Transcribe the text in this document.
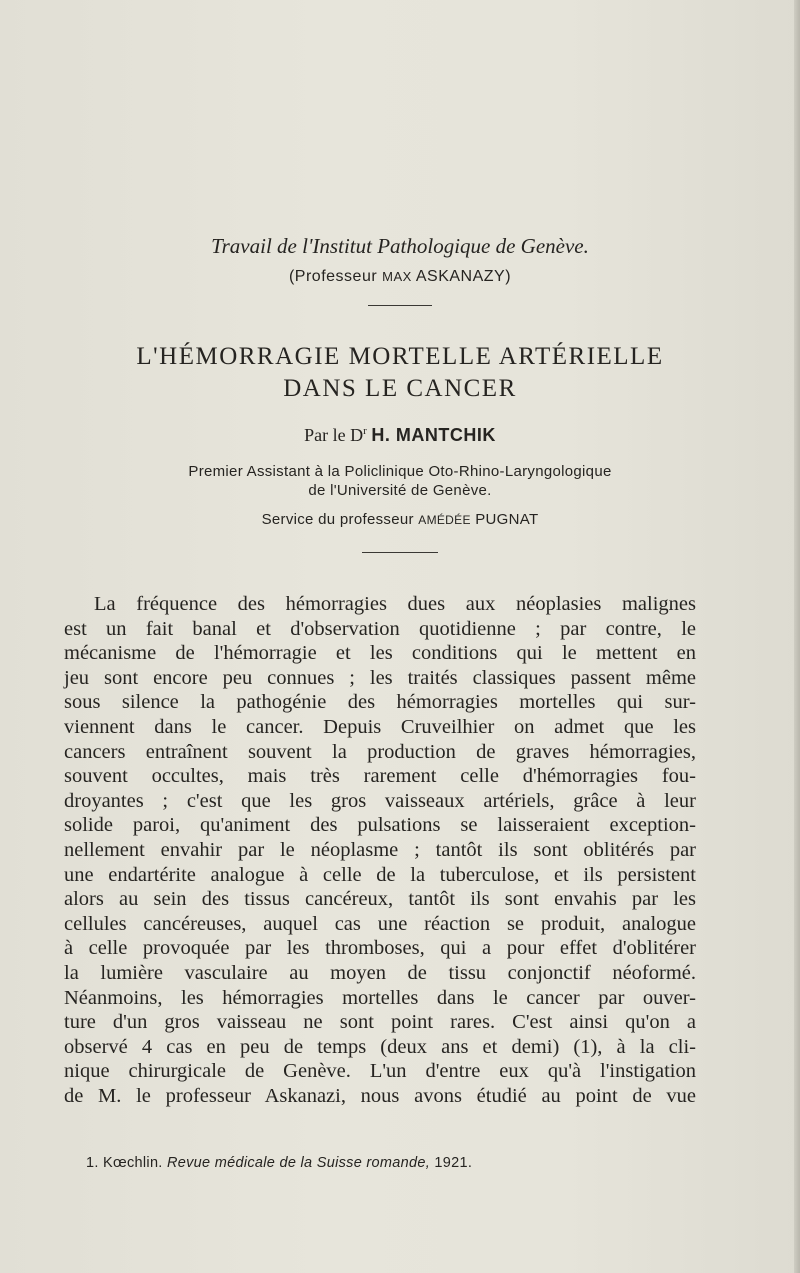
Travail de l'Institut Pathologique de Genève.
(Professeur MAX ASKANAZY)
L'HÉMORRAGIE MORTELLE ARTÉRIELLE
DANS LE CANCER
Par le $D^r$ H. MANTCHIK
Premier Assistant à la Policlinique Oto-Rhino-Laryngologique
de l'Université de Genève.
Service du professeur AMÉDÉE PUGNAT
La fréquence des hémorragies dues aux néoplasies malignes
est un fait banal et d'observation quotidienne ; par contre, le
mécanisme de l'hémorragie et les conditions qui le mettent en
jeu sont encore peu connues ; les traités classiques passent même
sous silence la pathogénie des hémorragies mortelles qui sur-
viennent dans le cancer. Depuis Cruveilhier on admet que les
cancers entraînent souvent la production de graves hémorragies,
souvent occultes, mais très rarement celle d'hémorragies fou-
droyantes ; c'est que les gros vaisseaux artériels, grâce à leur
solide paroi, qu'animent des pulsations se laisseraient exception-
nellement envahir par le néoplasme ; tantôt ils sont oblitérés par
une endartérite analogue à celle de la tuberculose, et ils persistent
alors au sein des tissus cancéreux, tantôt ils sont envahis par les
cellules cancéreuses, auquel cas une réaction se produit, analogue
à celle provoquée par les thromboses, qui a pour effet d'oblitérer
la lumière vasculaire au moyen de tissu conjonctif néoformé.
Néanmoins, les hémorragies mortelles dans le cancer par ouver-
ture d'un gros vaisseau ne sont point rares. C'est ainsi qu'on a
observé 4 cas en peu de temps (deux ans et demi) (1), à la cli-
nique chirurgicale de Genève. L'un d'entre eux qu'à l'instigation
de M. le professeur Askanazi, nous avons étudié au point de vue
1. Kœchlin. Revue médicale de la Suisse romande, 1921.
